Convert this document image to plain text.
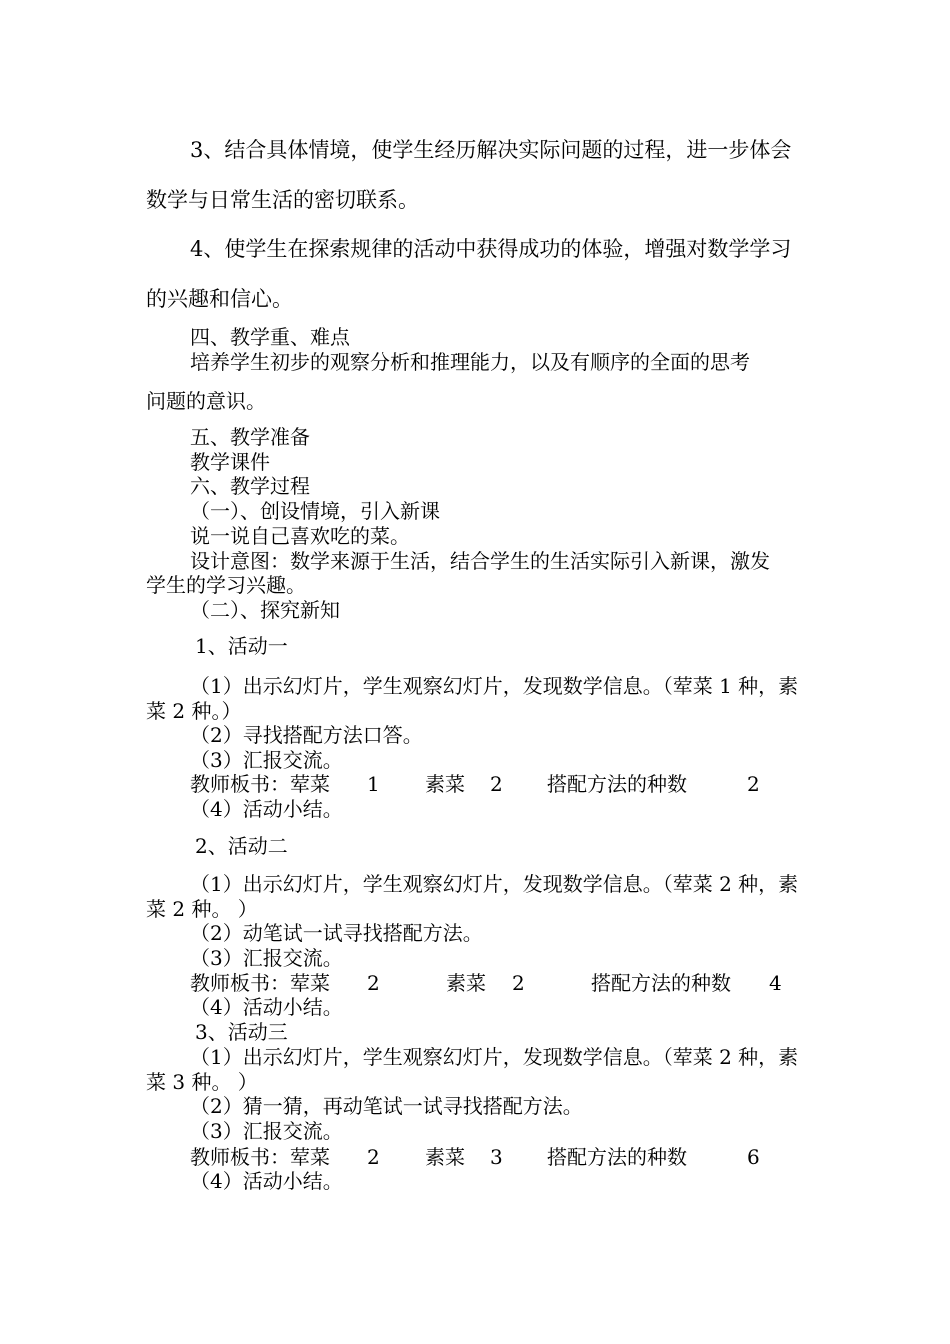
3、结合具体情境，使学生经历解决实际问题的过程，进一步体会
数学与日常生活的密切联系。
4、使学生在探索规律的活动中获得成功的体验，增强对数学学习
的兴趣和信心。
四、教学重、难点
培养学生初步的观察分析和推理能力，以及有顺序的全面的思考
问题的意识。
五、教学准备
教学课件
六、教学过程
（一）、创设情境，引入新课
说一说自己喜欢吃的菜。
设计意图：数学来源于生活，结合学生的生活实际引入新课，激发
学生的学习兴趣。
（二）、探究新知
1、活动一
（1）出示幻灯片，学生观察幻灯片，发现数学信息。（荤菜 1 种，素
菜 2 种。）
（2）寻找搭配方法口答。
（3）汇报交流。
教师板书：荤菜 1 素菜 2 搭配方法的种数	2
（4）活动小结。
2、活动二
（1）出示幻灯片，学生观察幻灯片，发现数学信息。（荤菜 2 种，素
菜 2 种。 ）
（2）动笔试一试寻找搭配方法。
（3）汇报交流。
教师板书：荤菜 2	素菜 2	搭配方法的种数 4
（4）活动小结。
3、活动三
（1）出示幻灯片，学生观察幻灯片，发现数学信息。（荤菜 2 种，素
菜 3 种。 ）
（2）猜一猜，再动笔试一试寻找搭配方法。
（3）汇报交流。
教师板书：荤菜 2 素菜 3 搭配方法的种数	6
（4）活动小结。
